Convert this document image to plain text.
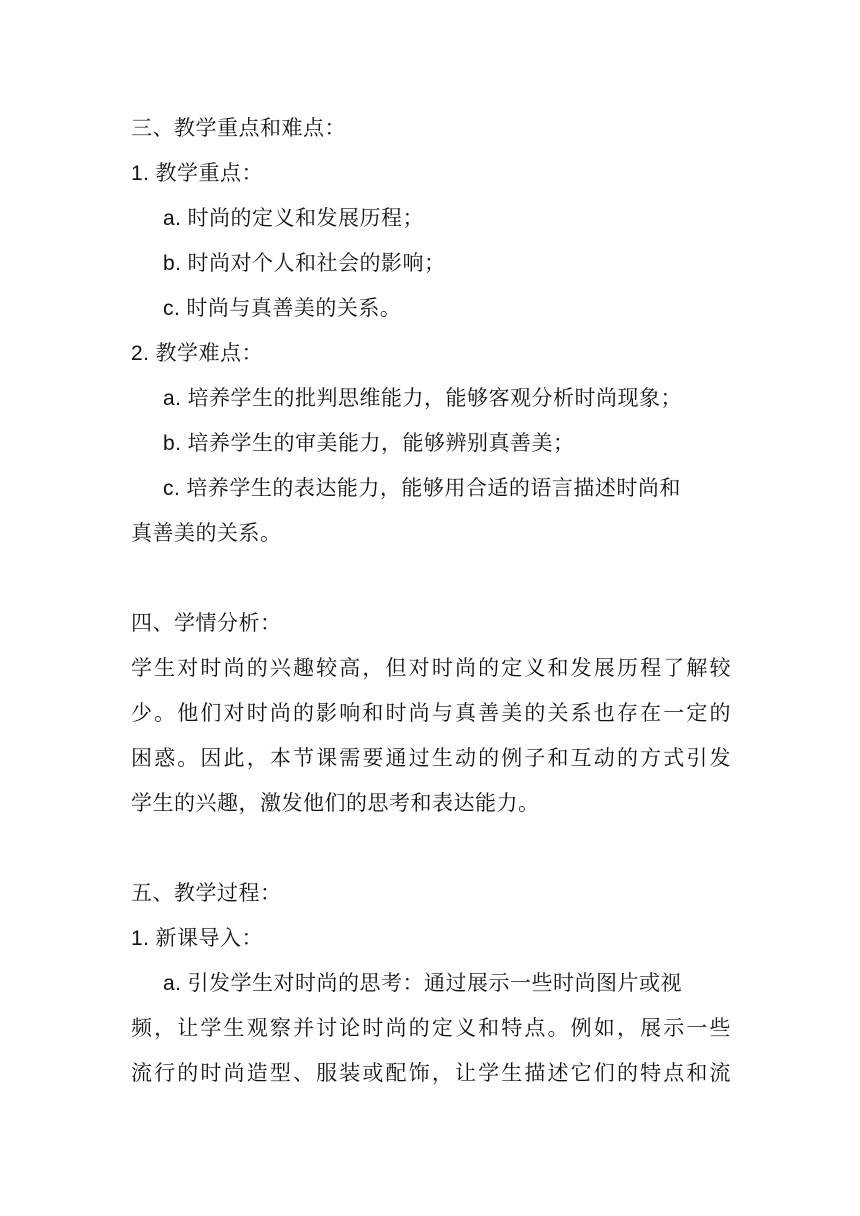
三、教学重点和难点：
1. 教学重点：
a. 时尚的定义和发展历程；
b. 时尚对个人和社会的影响；
c. 时尚与真善美的关系。
2. 教学难点：
a. 培养学生的批判思维能力，能够客观分析时尚现象；
b. 培养学生的审美能力，能够辨别真善美；
c. 培养学生的表达能力，能够用合适的语言描述时尚和
真善美的关系。
四、学情分析：
学生对时尚的兴趣较高，但对时尚的定义和发展历程了解较
少。他们对时尚的影响和时尚与真善美的关系也存在一定的
困惑。因此，本节课需要通过生动的例子和互动的方式引发
学生的兴趣，激发他们的思考和表达能力。
五、教学过程：
1. 新课导入：
a. 引发学生对时尚的思考：通过展示一些时尚图片或视
频，让学生观察并讨论时尚的定义和特点。例如，展示一些
流行的时尚造型、服装或配饰，让学生描述它们的特点和流
